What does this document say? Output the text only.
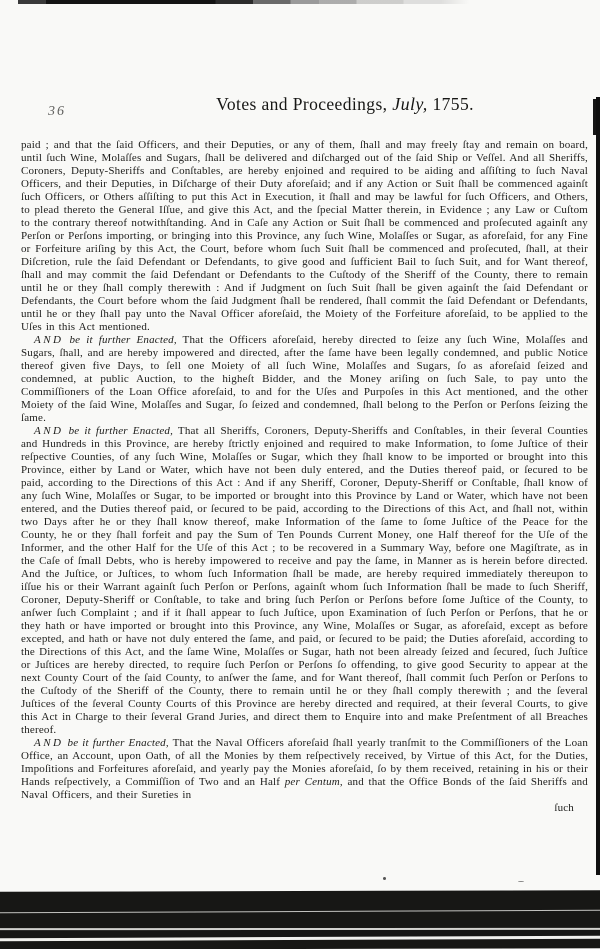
36	Votes and Proceedings, July, 1755.

paid ; and that the ſaid Officers, and their Deputies, or any of them, ſhall and may freely ſtay and remain on board, until ſuch Wine, Molaſſes and Sugars, ſhall be delivered and diſcharged out of the ſaid Ship or Veſſel. And all Sheriffs, Coroners, Deputy-Sheriffs and Conſtables, are hereby enjoined and required to be aiding and aſſiſting to ſuch Naval Officers, and their Deputies, in Diſcharge of their Duty aforeſaid; and if any Action or Suit ſhall be commenced againſt ſuch Officers, or Others aſſiſting to put this Act in Execution, it ſhall and may be lawful for ſuch Officers, and Others, to plead thereto the General Iſſue, and give this Act, and the ſpecial Matter therein, in Evidence ; any Law or Cuſtom to the contrary thereof notwithſtanding. And in Caſe any Action or Suit ſhall be commenced and proſecuted againſt any Perſon or Perſons importing, or bringing into this Province, any ſuch Wine, Molaſſes or Sugar, as aforeſaid, for any Fine or Forfeiture ariſing by this Act, the Court, before whom ſuch Suit ſhall be commenced and proſecuted, ſhall, at their Diſcretion, rule the ſaid Defendant or Defendants, to give good and ſufficient Bail to ſuch Suit, and for Want thereof, ſhall and may commit the ſaid Defendant or Defendants to the Cuſtody of the Sheriff of the County, there to remain until he or they ſhall comply therewith : And if Judgment on ſuch Suit ſhall be given againſt the ſaid Defendant or Defendants, the Court before whom the ſaid Judgment ſhall be rendered, ſhall commit the ſaid Defendant or Defendants, until he or they ſhall pay unto the Naval Officer aforeſaid, the Moiety of the Forfeiture aforeſaid, to be applied to the Uſes in this Act mentioned.

AND be it further Enacted, That the Officers aforeſaid, hereby directed to ſeize any ſuch Wine, Molaſſes and Sugars, ſhall, and are hereby impowered and directed, after the ſame have been legally condemned, and public Notice thereof given five Days, to ſell one Moiety of all ſuch Wine, Molaſſes and Sugars, ſo as aforeſaid ſeized and condemned, at public Auction, to the higheſt Bidder, and the Money ariſing on ſuch Sale, to pay unto the Commiſſioners of the Loan Office aforeſaid, to and for the Uſes and Purpoſes in this Act mentioned, and the other Moiety of the ſaid Wine, Molaſſes and Sugar, ſo ſeized and condemned, ſhall belong to the Perſon or Perſons ſeizing the ſame.

AND be it further Enacted, That all Sheriffs, Coroners, Deputy-Sheriffs and Conſtables, in their ſeveral Counties and Hundreds in this Province, are hereby ſtrictly enjoined and required to make Information, to ſome Juſtice of their reſpective Counties, of any ſuch Wine, Molaſſes or Sugar, which they ſhall know to be imported or brought into this Province, either by Land or Water, which have not been duly entered, and the Duties thereof paid, or ſecured to be paid, according to the Directions of this Act : And if any Sheriff, Coroner, Deputy-Sheriff or Conſtable, ſhall know of any ſuch Wine, Molaſſes or Sugar, to be imported or brought into this Province by Land or Water, which have not been entered, and the Duties thereof paid, or ſecured to be paid, according to the Directions of this Act, and ſhall not, within two Days after he or they ſhall know thereof, make Information of the ſame to ſome Juſtice of the Peace for the County, he or they ſhall forfeit and pay the Sum of Ten Pounds Current Money, one Half thereof for the Uſe of the Informer, and the other Half for the Uſe of this Act ; to be recovered in a Summary Way, before one Magiſtrate, as in the Caſe of ſmall Debts, who is hereby impowered to receive and pay the ſame, in Manner as is herein before directed. And the Juſtice, or Juſtices, to whom ſuch Information ſhall be made, are hereby required immediately thereupon to iſſue his or their Warrant againſt ſuch Perſon or Perſons, againſt whom ſuch Information ſhall be made to ſuch Sheriff, Coroner, Deputy-Sheriff or Conſtable, to take and bring ſuch Perſon or Perſons before ſome Juſtice of the County, to anſwer ſuch Complaint ; and if it ſhall appear to ſuch Juſtice, upon Examination of ſuch Perſon or Perſons, that he or they hath or have imported or brought into this Province, any Wine, Molaſſes or Sugar, as aforeſaid, except as before excepted, and hath or have not duly entered the ſame, and paid, or ſecured to be paid; the Duties aforeſaid, according to the Directions of this Act, and the ſame Wine, Molaſſes or Sugar, hath not been already ſeized and ſecured, ſuch Juſtice or Juſtices are hereby directed, to require ſuch Perſon or Perſons ſo offending, to give good Security to appear at the next County Court of the ſaid County, to anſwer the ſame, and for Want thereof, ſhall commit ſuch Perſon or Perſons to the Cuſtody of the Sheriff of the County, there to remain until he or they ſhall comply therewith ; and the ſeveral Juſtices of the ſeveral County Courts of this Province are hereby directed and required, at their ſeveral Courts, to give this Act in Charge to their ſeveral Grand Juries, and direct them to Enquire into and make Preſentment of all Breaches thereof.

AND be it further Enacted, That the Naval Officers aforeſaid ſhall yearly tranſmit to the Commiſſioners of the Loan Office, an Account, upon Oath, of all the Monies by them reſpectively received, by Virtue of this Act, for the Duties, Impoſitions and Forfeitures aforeſaid, and yearly pay the Monies aforeſaid, ſo by them received, retaining in his or their Hands reſpectively, a Commiſſion of Two and an Half per Centum, and that the Office Bonds of the ſaid Sheriffs and Naval Officers, and their Sureties in

ſuch
